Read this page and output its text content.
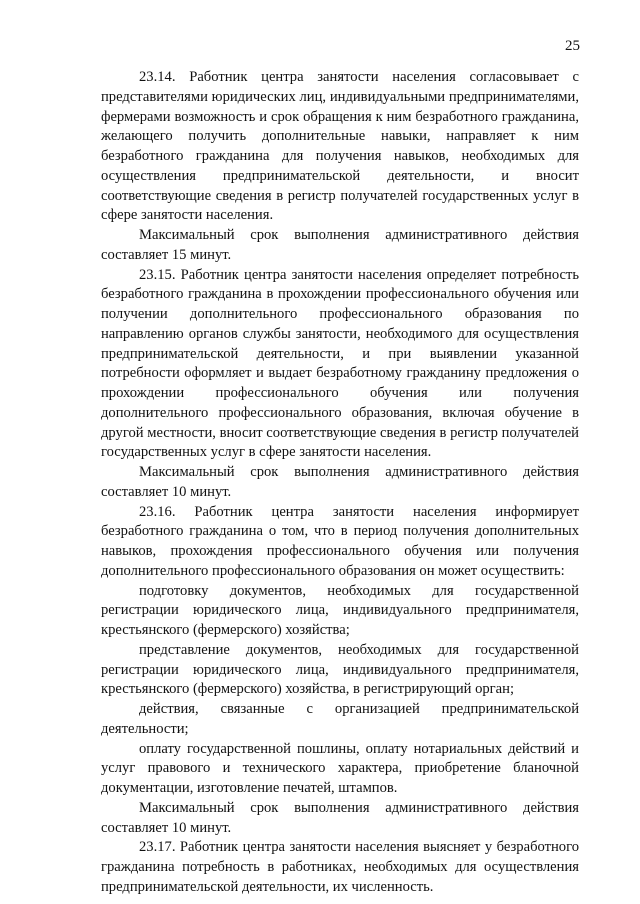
25

23.14. Работник центра занятости населения согласовывает с представителями юридических лиц, индивидуальными предпринимателями, фермерами возможность и срок обращения к ним безработного гражданина, желающего получить дополнительные навыки, направляет к ним безработного гражданина для получения навыков, необходимых для осуществления предпринимательской деятельности, и вносит соответствующие сведения в регистр получателей государственных услуг в сфере занятости населения.

Максимальный срок выполнения административного действия составляет 15 минут.

23.15. Работник центра занятости населения определяет потребность безработного гражданина в прохождении профессионального обучения или получении дополнительного профессионального образования по направлению органов службы занятости, необходимого для осуществления предпринимательской деятельности, и при выявлении указанной потребности оформляет и выдает безработному гражданину предложения о прохождении профессионального обучения или получения дополнительного профессионального образования, включая обучение в другой местности, вносит соответствующие сведения в регистр получателей государственных услуг в сфере занятости населения.

Максимальный срок выполнения административного действия составляет 10 минут.

23.16. Работник центра занятости населения информирует безработного гражданина о том, что в период получения дополнительных навыков, прохождения профессионального обучения или получения дополнительного профессионального образования он может осуществить:

подготовку документов, необходимых для государственной регистрации юридического лица, индивидуального предпринимателя, крестьянского (фермерского) хозяйства;

представление документов, необходимых для государственной регистрации юридического лица, индивидуального предпринимателя, крестьянского (фермерского) хозяйства, в регистрирующий орган;

действия, связанные с организацией предпринимательской деятельности;

оплату государственной пошлины, оплату нотариальных действий и услуг правового и технического характера, приобретение бланочной документации, изготовление печатей, штампов.

Максимальный срок выполнения административного действия составляет 10 минут.

23.17. Работник центра занятости населения выясняет у безработного гражданина потребность в работниках, необходимых для осуществления предпринимательской деятельности, их численность.
